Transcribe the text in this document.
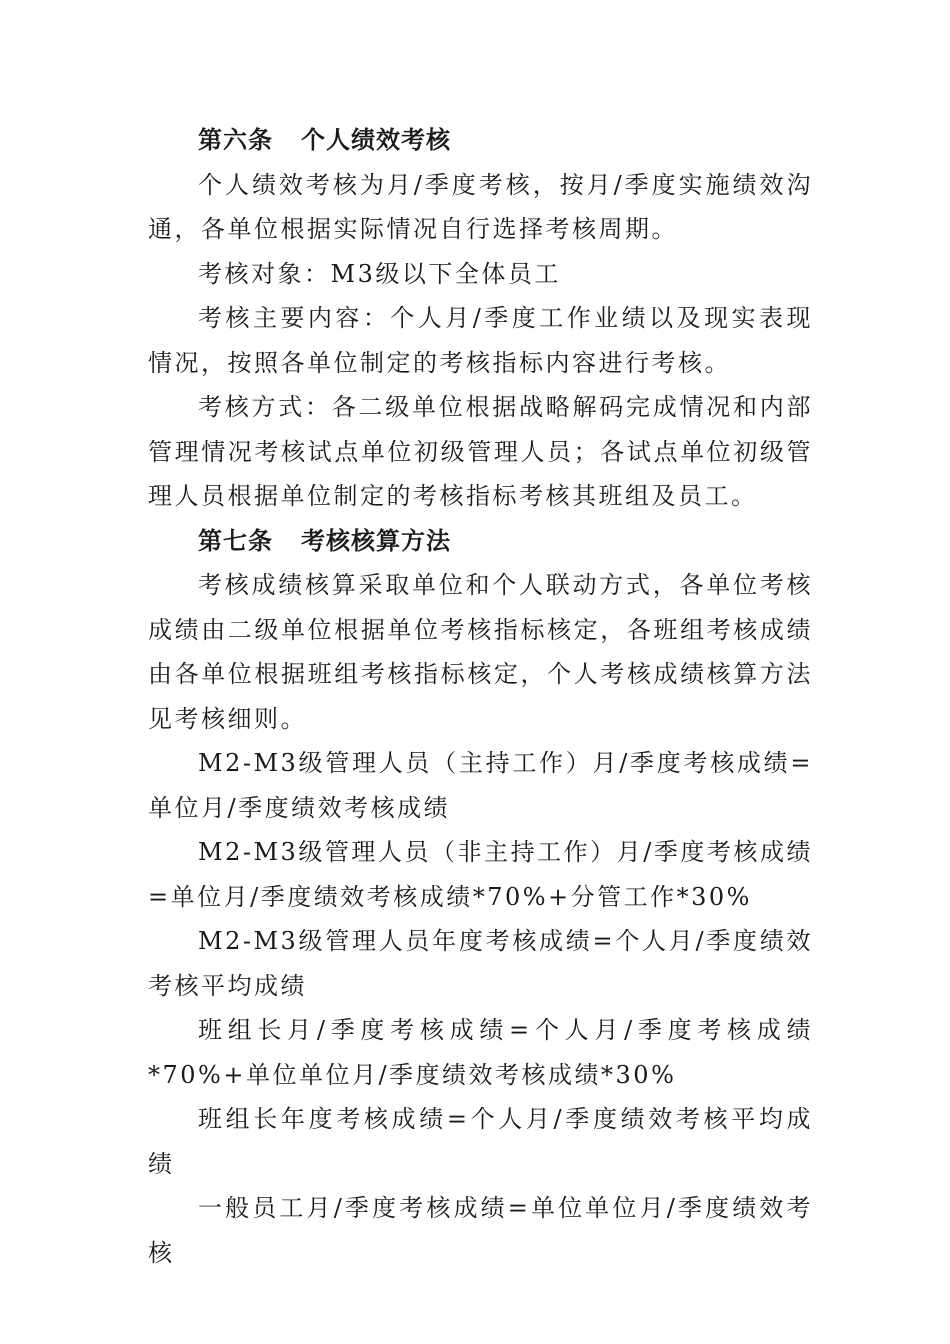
第六条 个人绩效考核

个人绩效考核为月/季度考核，按月/季度实施绩效沟通，各单位根据实际情况自行选择考核周期。

考核对象：M3级以下全体员工

考核主要内容：个人月/季度工作业绩以及现实表现情况，按照各单位制定的考核指标内容进行考核。

考核方式：各二级单位根据战略解码完成情况和内部管理情况考核试点单位初级管理人员；各试点单位初级管理人员根据单位制定的考核指标考核其班组及员工。

第七条 考核核算方法

考核成绩核算采取单位和个人联动方式，各单位考核成绩由二级单位根据单位考核指标核定，各班组考核成绩由各单位根据班组考核指标核定，个人考核成绩核算方法见考核细则。

M2-M3级管理人员（主持工作）月/季度考核成绩=单位月/季度绩效考核成绩

M2-M3级管理人员（非主持工作）月/季度考核成绩=单位月/季度绩效考核成绩*70%+分管工作*30%

M2-M3级管理人员年度考核成绩=个人月/季度绩效考核平均成绩

班组长月/季度考核成绩=个人月/季度考核成绩*70%+单位单位月/季度绩效考核成绩*30%

班组长年度考核成绩=个人月/季度绩效考核平均成绩

一般员工月/季度考核成绩=单位单位月/季度绩效考核
